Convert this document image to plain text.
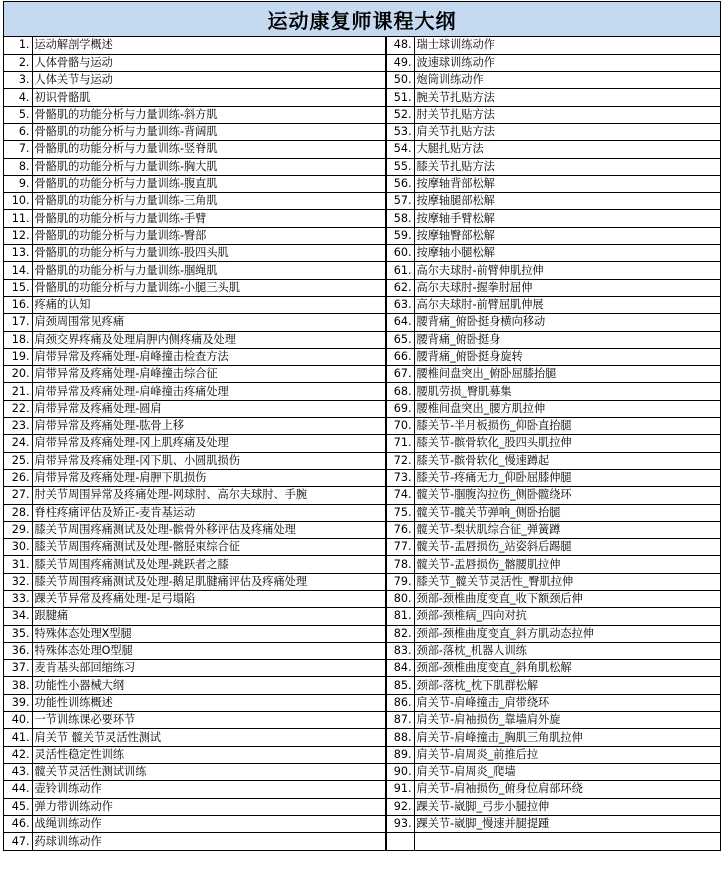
运动康复师课程大纲
1.	运动解剖学概述	48.	瑞士球训练动作
2.	人体骨骼与运动	49.	波速球训练动作
3.	人体关节与运动	50.	炮筒训练动作
4.	初识骨骼肌	51.	腕关节扎贴方法
5.	骨骼肌的功能分析与力量训练-斜方肌	52.	肘关节扎贴方法
6.	骨骼肌的功能分析与力量训练-背阔肌	53.	肩关节扎贴方法
7.	骨骼肌的功能分析与力量训练-竖脊肌	54.	大腿扎贴方法
8.	骨骼肌的功能分析与力量训练-胸大肌	55.	膝关节扎贴方法
9.	骨骼肌的功能分析与力量训练-腹直肌	56.	按摩轴背部松解
10.	骨骼肌的功能分析与力量训练-三角肌	57.	按摩轴腿部松解
11.	骨骼肌的功能分析与力量训练-手臂	58.	按摩轴手臂松解
12.	骨骼肌的功能分析与力量训练-臀部	59.	按摩轴臀部松解
13.	骨骼肌的功能分析与力量训练-股四头肌	60.	按摩轴小腿松解
14.	骨骼肌的功能分析与力量训练-腘绳肌	61.	高尔夫球肘-前臂伸肌拉伸
15.	骨骼肌的功能分析与力量训练-小腿三头肌	62.	高尔夫球肘-握拳肘屈伸
16.	疼痛的认知	63.	高尔夫球肘-前臂屈肌伸展
17.	肩颈周围常见疼痛	64.	腰背痛_俯卧挺身横向移动
18.	肩颈交界疼痛及处理肩胛内侧疼痛及处理	65.	腰背痛_俯卧挺身
19.	肩带异常及疼痛处理-肩峰撞击检查方法	66.	腰背痛_俯卧挺身旋转
20.	肩带异常及疼痛处理-肩峰撞击综合征	67.	腰椎间盘突出_俯卧屈膝抬腿
21.	肩带异常及疼痛处理-肩峰撞击疼痛处理	68.	腰肌劳损_臀肌募集
22.	肩带异常及疼痛处理-圆肩	69.	腰椎间盘突出_腰方肌拉伸
23.	肩带异常及疼痛处理-肱骨上移	70.	膝关节-半月板损伤_仰卧直抬腿
24.	肩带异常及疼痛处理-冈上肌疼痛及处理	71.	膝关节-髌骨软化_股四头肌拉伸
25.	肩带异常及疼痛处理-冈下肌、小圆肌损伤	72.	膝关节-髌骨软化_慢速蹲起
26.	肩带异常及疼痛处理-肩胛下肌损伤	73.	膝关节-疼痛无力_仰卧屈膝伸腿
27.	肘关节周围异常及疼痛处理-网球肘、高尔夫球肘、手腕	74.	髋关节-腘腹沟拉伤_侧卧髋绕环
28.	脊柱疼痛评估及矫正-麦肯基运动	75.	髋关节-髋关节弹响_侧卧抬腿
29.	膝关节周围疼痛测试及处理-髌骨外移评估及疼痛处理	76.	髋关节-梨状肌综合征_弹簧蹲
30.	膝关节周围疼痛测试及处理-髂胫束综合征	77.	髋关节-盂唇损伤_站姿斜后踢腿
31.	膝关节周围疼痛测试及处理-跳跃者之膝	78.	髋关节-盂唇损伤_髂腰肌拉伸
32.	膝关节周围疼痛测试及处理-鹅足肌腱痛评估及疼痛处理	79.	膝关节_髋关节灵活性_臀肌拉伸
33.	踝关节异常及疼痛处理-足弓塌陷	80.	颈部-颈椎曲度变直_收下额颈后伸
34.	跟腱痛	81.	颈部-颈椎病_四向对抗
35.	特殊体态处理X型腿	82.	颈部-颈椎曲度变直_斜方肌动态拉伸
36.	特殊体态处理O型腿	83.	颈部-落枕_机器人训练
37.	麦肯基头部回缩练习	84.	颈部-颈椎曲度变直_斜角肌松解
38.	功能性小器械大纲	85.	颈部-落枕_枕下肌群松解
39.	功能性训练概述	86.	肩关节-肩峰撞击_肩带绕环
40.	一节训练课必要环节	87.	肩关节-肩袖损伤_靠墙肩外旋
41.	肩关节 髋关节灵活性测试	88.	肩关节-肩峰撞击_胸肌三角肌拉伸
42.	灵活性稳定性训练	89.	肩关节-肩周炎_前推后拉
43.	髋关节灵活性测试训练	90.	肩关节-肩周炎_爬墙
44.	壶铃训练动作	91.	肩关节-肩袖损伤_俯身位肩部环绕
45.	弹力带训练动作	92.	踝关节-崴脚_弓步小腿拉伸
46.	战绳训练动作	93.	踝关节-崴脚_慢速并腿提踵
47.	药球训练动作		
